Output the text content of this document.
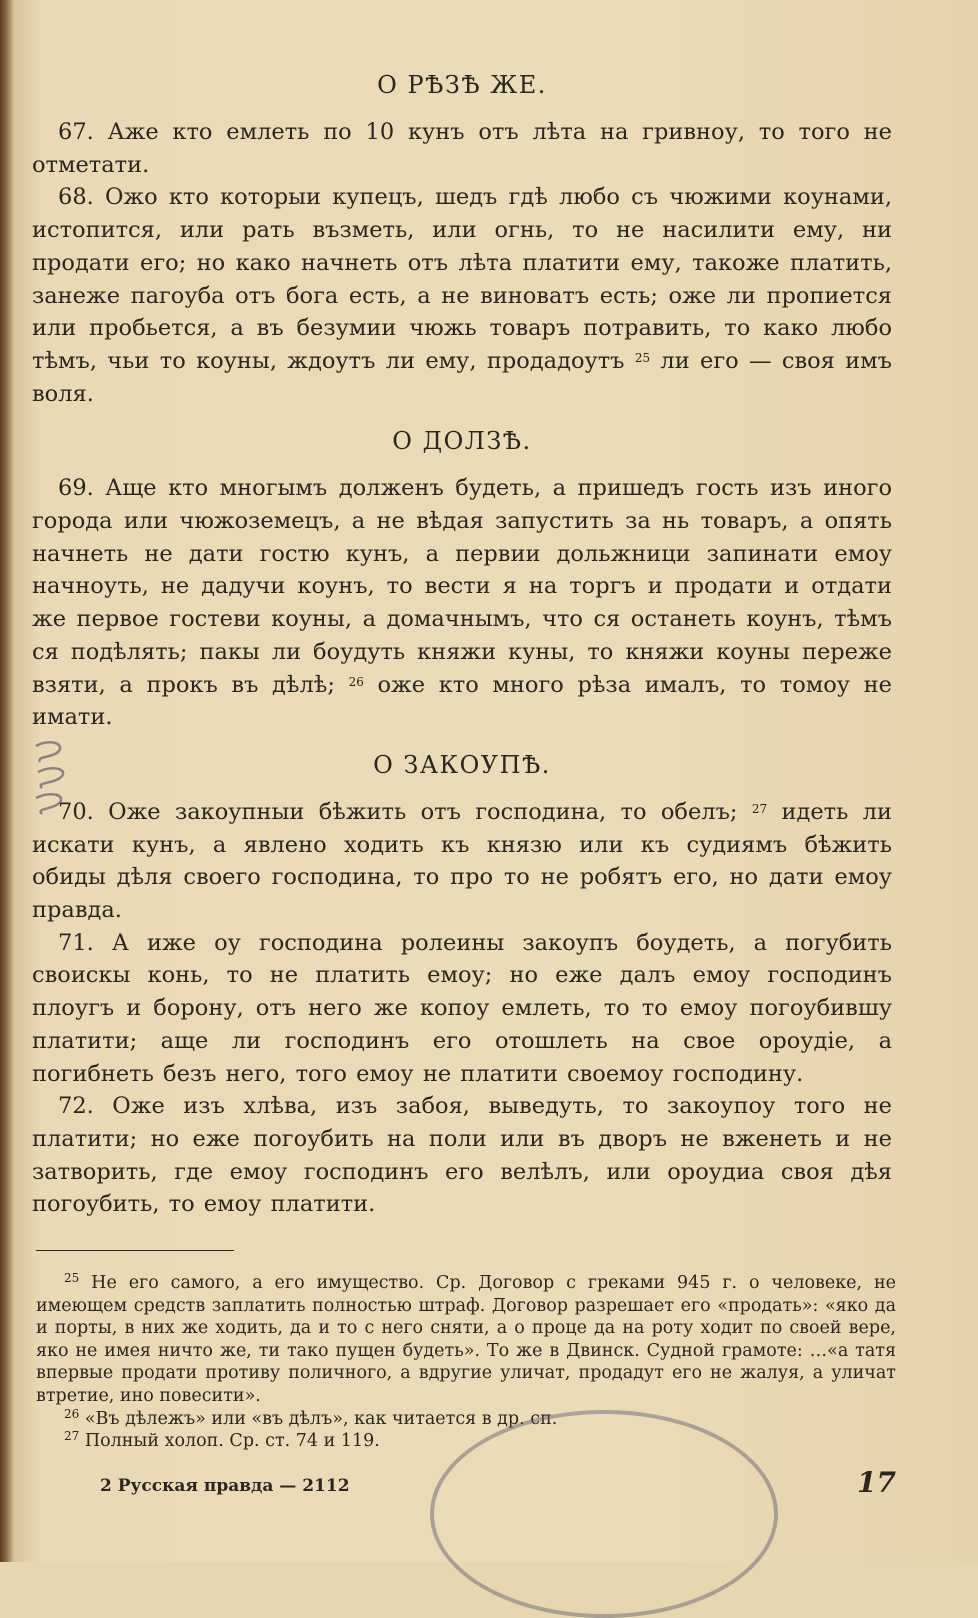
О РѢЗѢ ЖЕ.

67. Аже кто емлеть по 10 кунъ отъ лѣта на гривноу, то того не отметати.

68. Ожо кто которыи купецъ, шедъ гдѣ любо съ чюжими коунами, истопится, или рать възметь, или огнь, то не насилити ему, ни продати его; но како начнеть отъ лѣта платити ему, такоже платить, занеже пагоуба отъ бога есть, а не виноватъ есть; оже ли пропиется или пробьется, а въ безумии чюжь товаръ потравить, то како любо тѣмъ, чьи то коуны, ждоутъ ли ему, продадоутъ $^{25}$ ли его — своя имъ воля.

О ДОЛЗѢ.

69. Аще кто многымъ долженъ будеть, а пришедъ гость изъ иного города или чюжоземецъ, а не вѣдая запустить за нь товаръ, а опять начнеть не дати гостю кунъ, а первии дольжници запинати емоу начноуть, не дадучи коунъ, то вести я на торгъ и продати и отдати же первое гостеви коуны, а домачнымъ, что ся останеть коунъ, тѣмъ ся подѣлять; пакы ли боудуть княжи куны, то княжи коуны переже взяти, а прокъ въ дѣлѣ; $^{26}$ оже кто много рѣза ималъ, то томоу не имати.

О ЗАКОУПѢ.

70. Оже закоупныи бѣжить отъ господина, то обелъ; $^{27}$ идеть ли искати кунъ, а явлено ходить къ князю или къ судиямъ бѣжить обиды дѣля своего господина, то про то не робятъ его, но дати емоу правда.

71. А иже оу господина ролеины закоупъ боудеть, а погубить своискы конь, то не платить емоу; но еже далъ емоу господинъ плоугъ и борону, отъ него же копоу емлеть, то то емоу погоубившу платити; аще ли господинъ его отошлеть на свое ороудіе, а погибнеть безъ него, того емоу не платити своемоу господину.

72. Оже изъ хлѣва, изъ забоя, выведуть, то закоупоу того не платити; но еже погоубить на поли или въ дворъ не вженеть и не затворить, где емоу господинъ его велѣлъ, или ороудиа своя дѣя погоубить, то емоу платити.

$^{25}$ Не его самого, а его имущество. Ср. Договор с греками 945 г. о человеке, не имеющем средств заплатить полностью штраф. Договор разрешает его «продать»: «яко да и порты, в них же ходить, да и то с него сняти, а о проце да на роту ходит по своей вере, яко не имея ничто же, ти тако пущен будеть». То же в Двинск. Судной грамоте: …«а татя впервые продати противу поличного, а вдругие уличат, продадут его не жалуя, а уличат втретие, ино повесити».

$^{26}$ «Въ дѣлежъ» или «въ дѣлъ», как читается в др. сп.

$^{27}$ Полный холоп. Ср. ст. 74 и 119.

2 Русская правда — 2112	17
